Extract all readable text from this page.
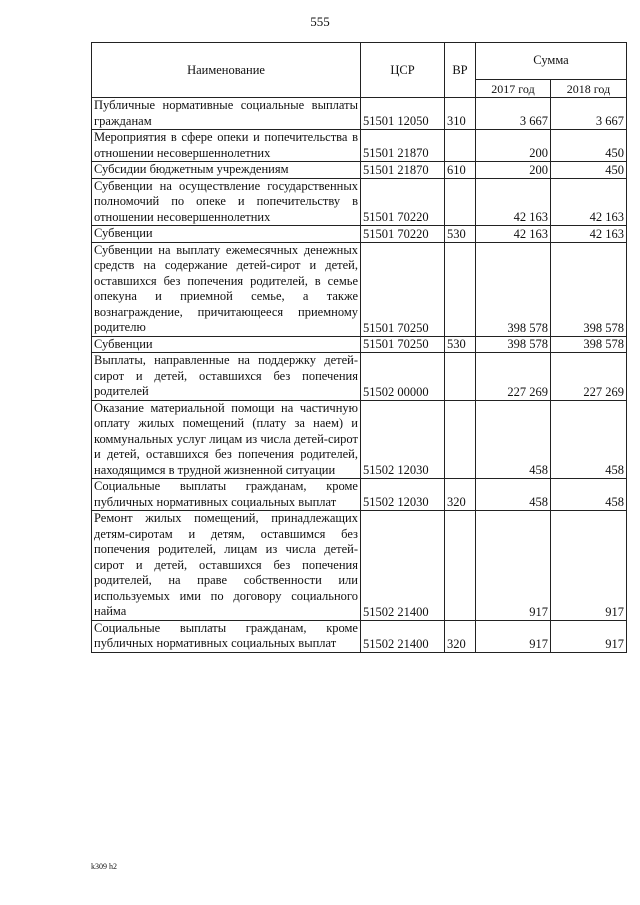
555
Наименование	ЦСР	ВР	Сумма	
			2017 год	2018 год
Публичные нормативные социальные выплаты гражданам	51501 12050	310	3 667	3 667
Мероприятия в сфере опеки и попечительства в отношении несовершеннолетних	51501 21870		200	450
Субсидии бюджетным учреждениям	51501 21870	610	200	450
Субвенции на осуществление государственных полномочий по опеке и попечительству в отношении несовершеннолетних	51501 70220		42 163	42 163
Субвенции	51501 70220	530	42 163	42 163
Субвенции на выплату ежемесячных денежных средств на содержание детей-сирот и детей, оставшихся без попечения родителей, в семье опекуна и приемной семье, а также вознаграждение, причитающееся приемному родителю	51501 70250		398 578	398 578
Субвенции	51501 70250	530	398 578	398 578
Выплаты, направленные на поддержку детей-сирот и детей, оставшихся без попечения родителей	51502 00000		227 269	227 269
Оказание материальной помощи на частичную оплату жилых помещений (плату за наем) и коммунальных услуг лицам из числа детей-сирот и детей, оставшихся без попечения родителей, находящимся в трудной жизненной ситуации	51502 12030		458	458
Социальные выплаты гражданам, кроме публичных нормативных социальных выплат	51502 12030	320	458	458
Ремонт жилых помещений, принадлежащих детям-сиротам и детям, оставшимся без попечения родителей, лицам из числа детей-сирот и детей, оставшихся без попечения родителей, на праве собственности или используемых ими по договору социального найма	51502 21400		917	917
Социальные выплаты гражданам, кроме публичных нормативных социальных выплат	51502 21400	320	917	917
k309 h2
